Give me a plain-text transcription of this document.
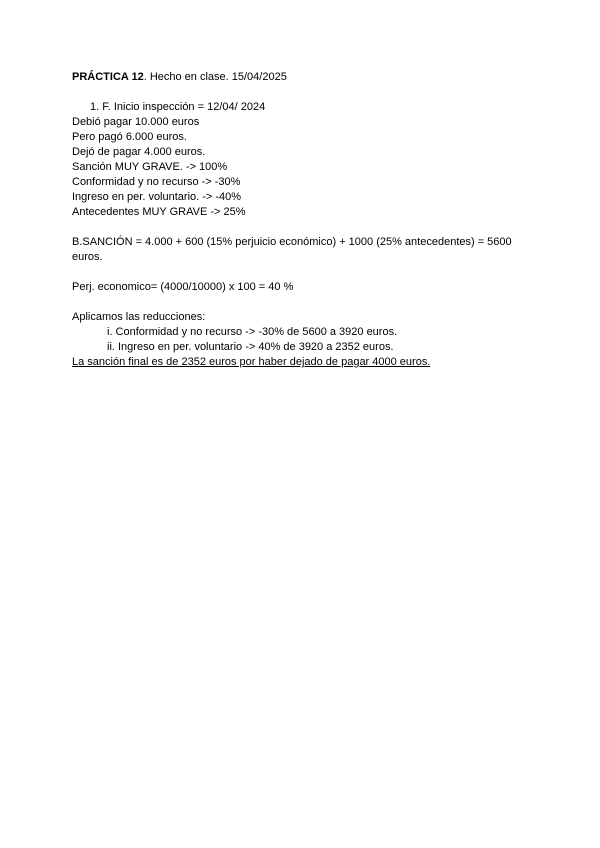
PRÁCTICA 12. Hecho en clase. 15/04/2025
1. F. Inicio inspección = 12/04/ 2024
Debió pagar 10.000 euros
Pero pagó 6.000 euros.
Dejó de pagar 4.000 euros.
Sanción MUY GRAVE. -> 100%
Conformidad y no recurso -> -30%
Ingreso en per. voluntario. -> -40%
Antecedentes MUY GRAVE -> 25%
B.SANCIÓN = 4.000 + 600 (15% perjuicio económico) + 1000 (25% antecedentes) = 5600 euros.
Perj. economico= (4000/10000) x 100 = 40 %
Aplicamos las reducciones:
i. Conformidad y no recurso -> -30% de 5600 a 3920 euros.
ii. Ingreso en per. voluntario -> 40% de 3920 a 2352 euros.
La sanción final es de 2352 euros por haber dejado de pagar 4000 euros.
